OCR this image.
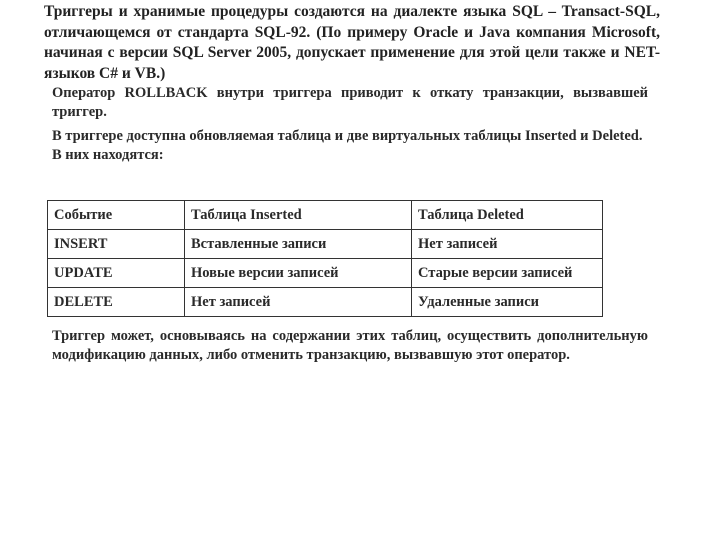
Триггеры и хранимые процедуры создаются на диалекте языка SQL – Transact-SQL, отличающемся от стандарта SQL-92. (По примеру Oracle и Java компания Microsoft, начиная с версии SQL Server 2005, допускает применение для этой цели также и NET-языков C# и VB.)
Оператор ROLLBACK внутри триггера приводит к откату транзакции, вызвавшей триггер.
В триггере доступна обновляемая таблица и две виртуальных таблицы Inserted и Deleted. В них находятся:
Событие	Таблица Inserted	Таблица Deleted
INSERT	Вставленные записи	Нет записей
UPDATE	Новые версии записей	Старые версии записей
DELETE	Нет записей	Удаленные записи
Триггер может, основываясь на содержании этих таблиц, осуществить дополнительную модификацию данных, либо отменить транзакцию, вызвавшую этот оператор.
